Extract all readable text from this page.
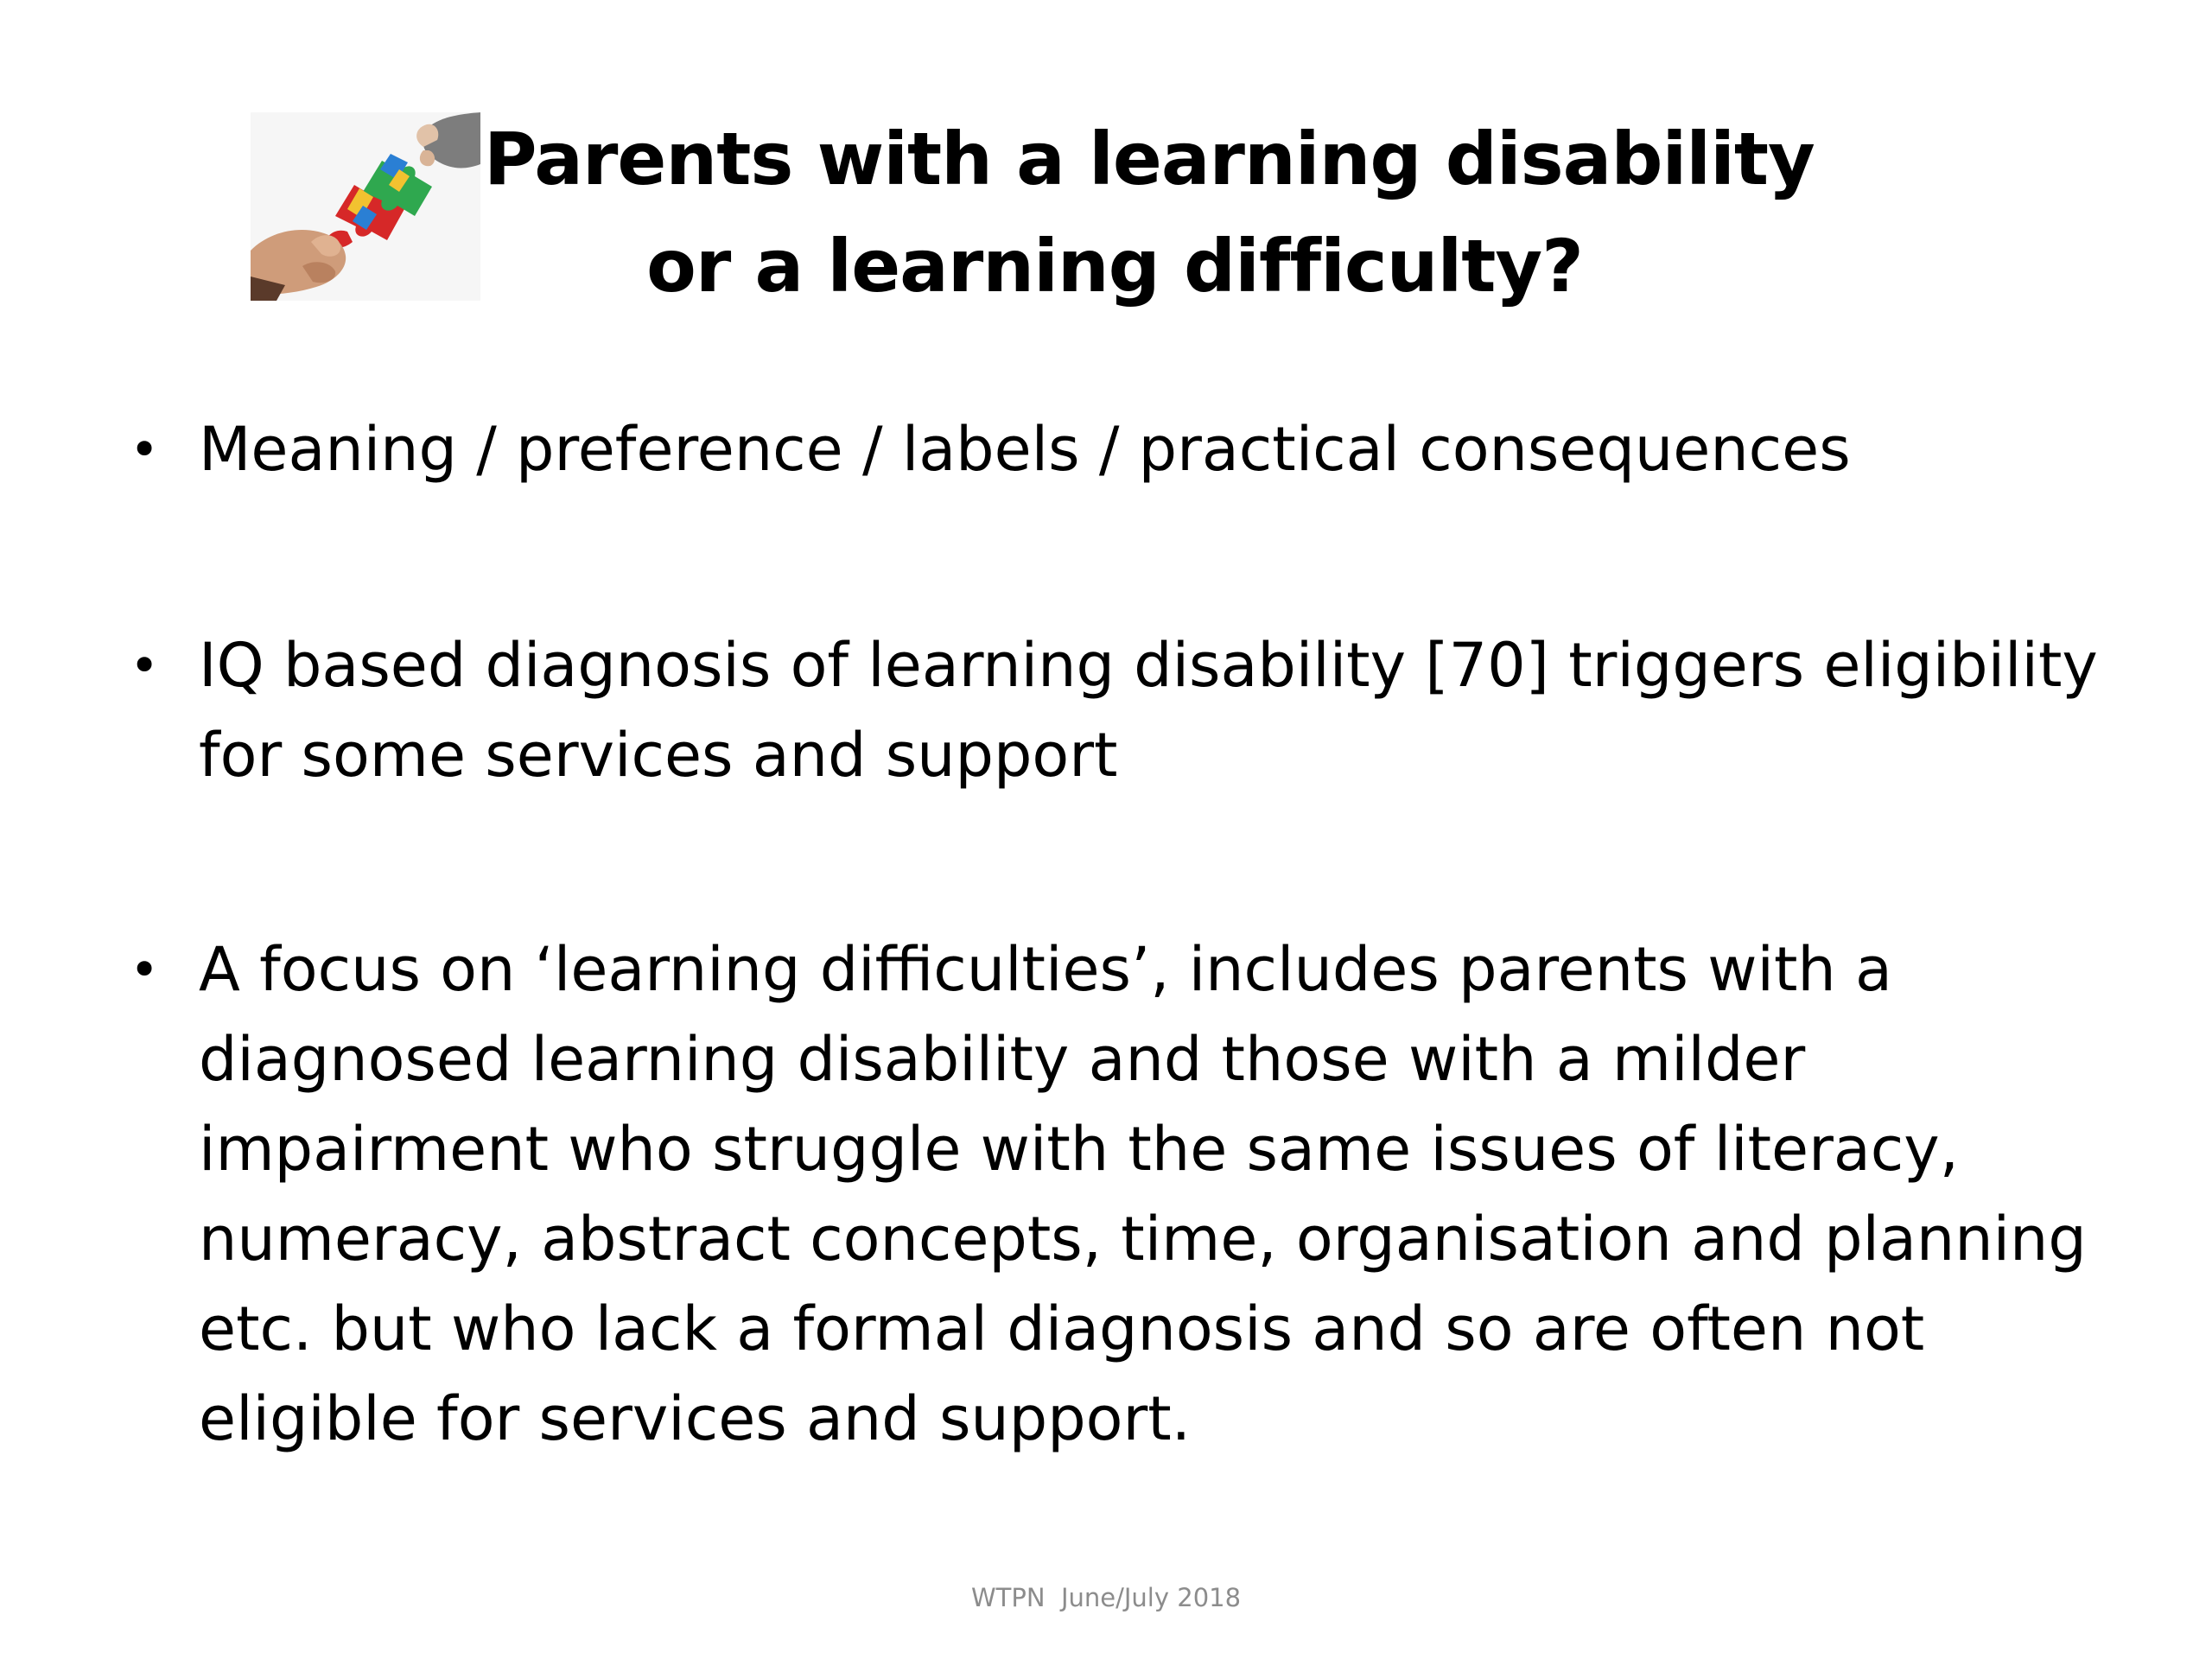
Parents with a learning disability
or a learning difficulty?
• Meaning / preference / labels / practical consequences
• IQ based diagnosis of learning disability [70] triggers eligibility
for some services and support
• A focus on ‘learning difficulties’, includes parents with a
diagnosed learning disability and those with a milder
impairment who struggle with the same issues of literacy,
numeracy, abstract concepts, time, organisation and planning
etc. but who lack a formal diagnosis and so are often not
eligible for services and support.
WTPN  June/July 2018
